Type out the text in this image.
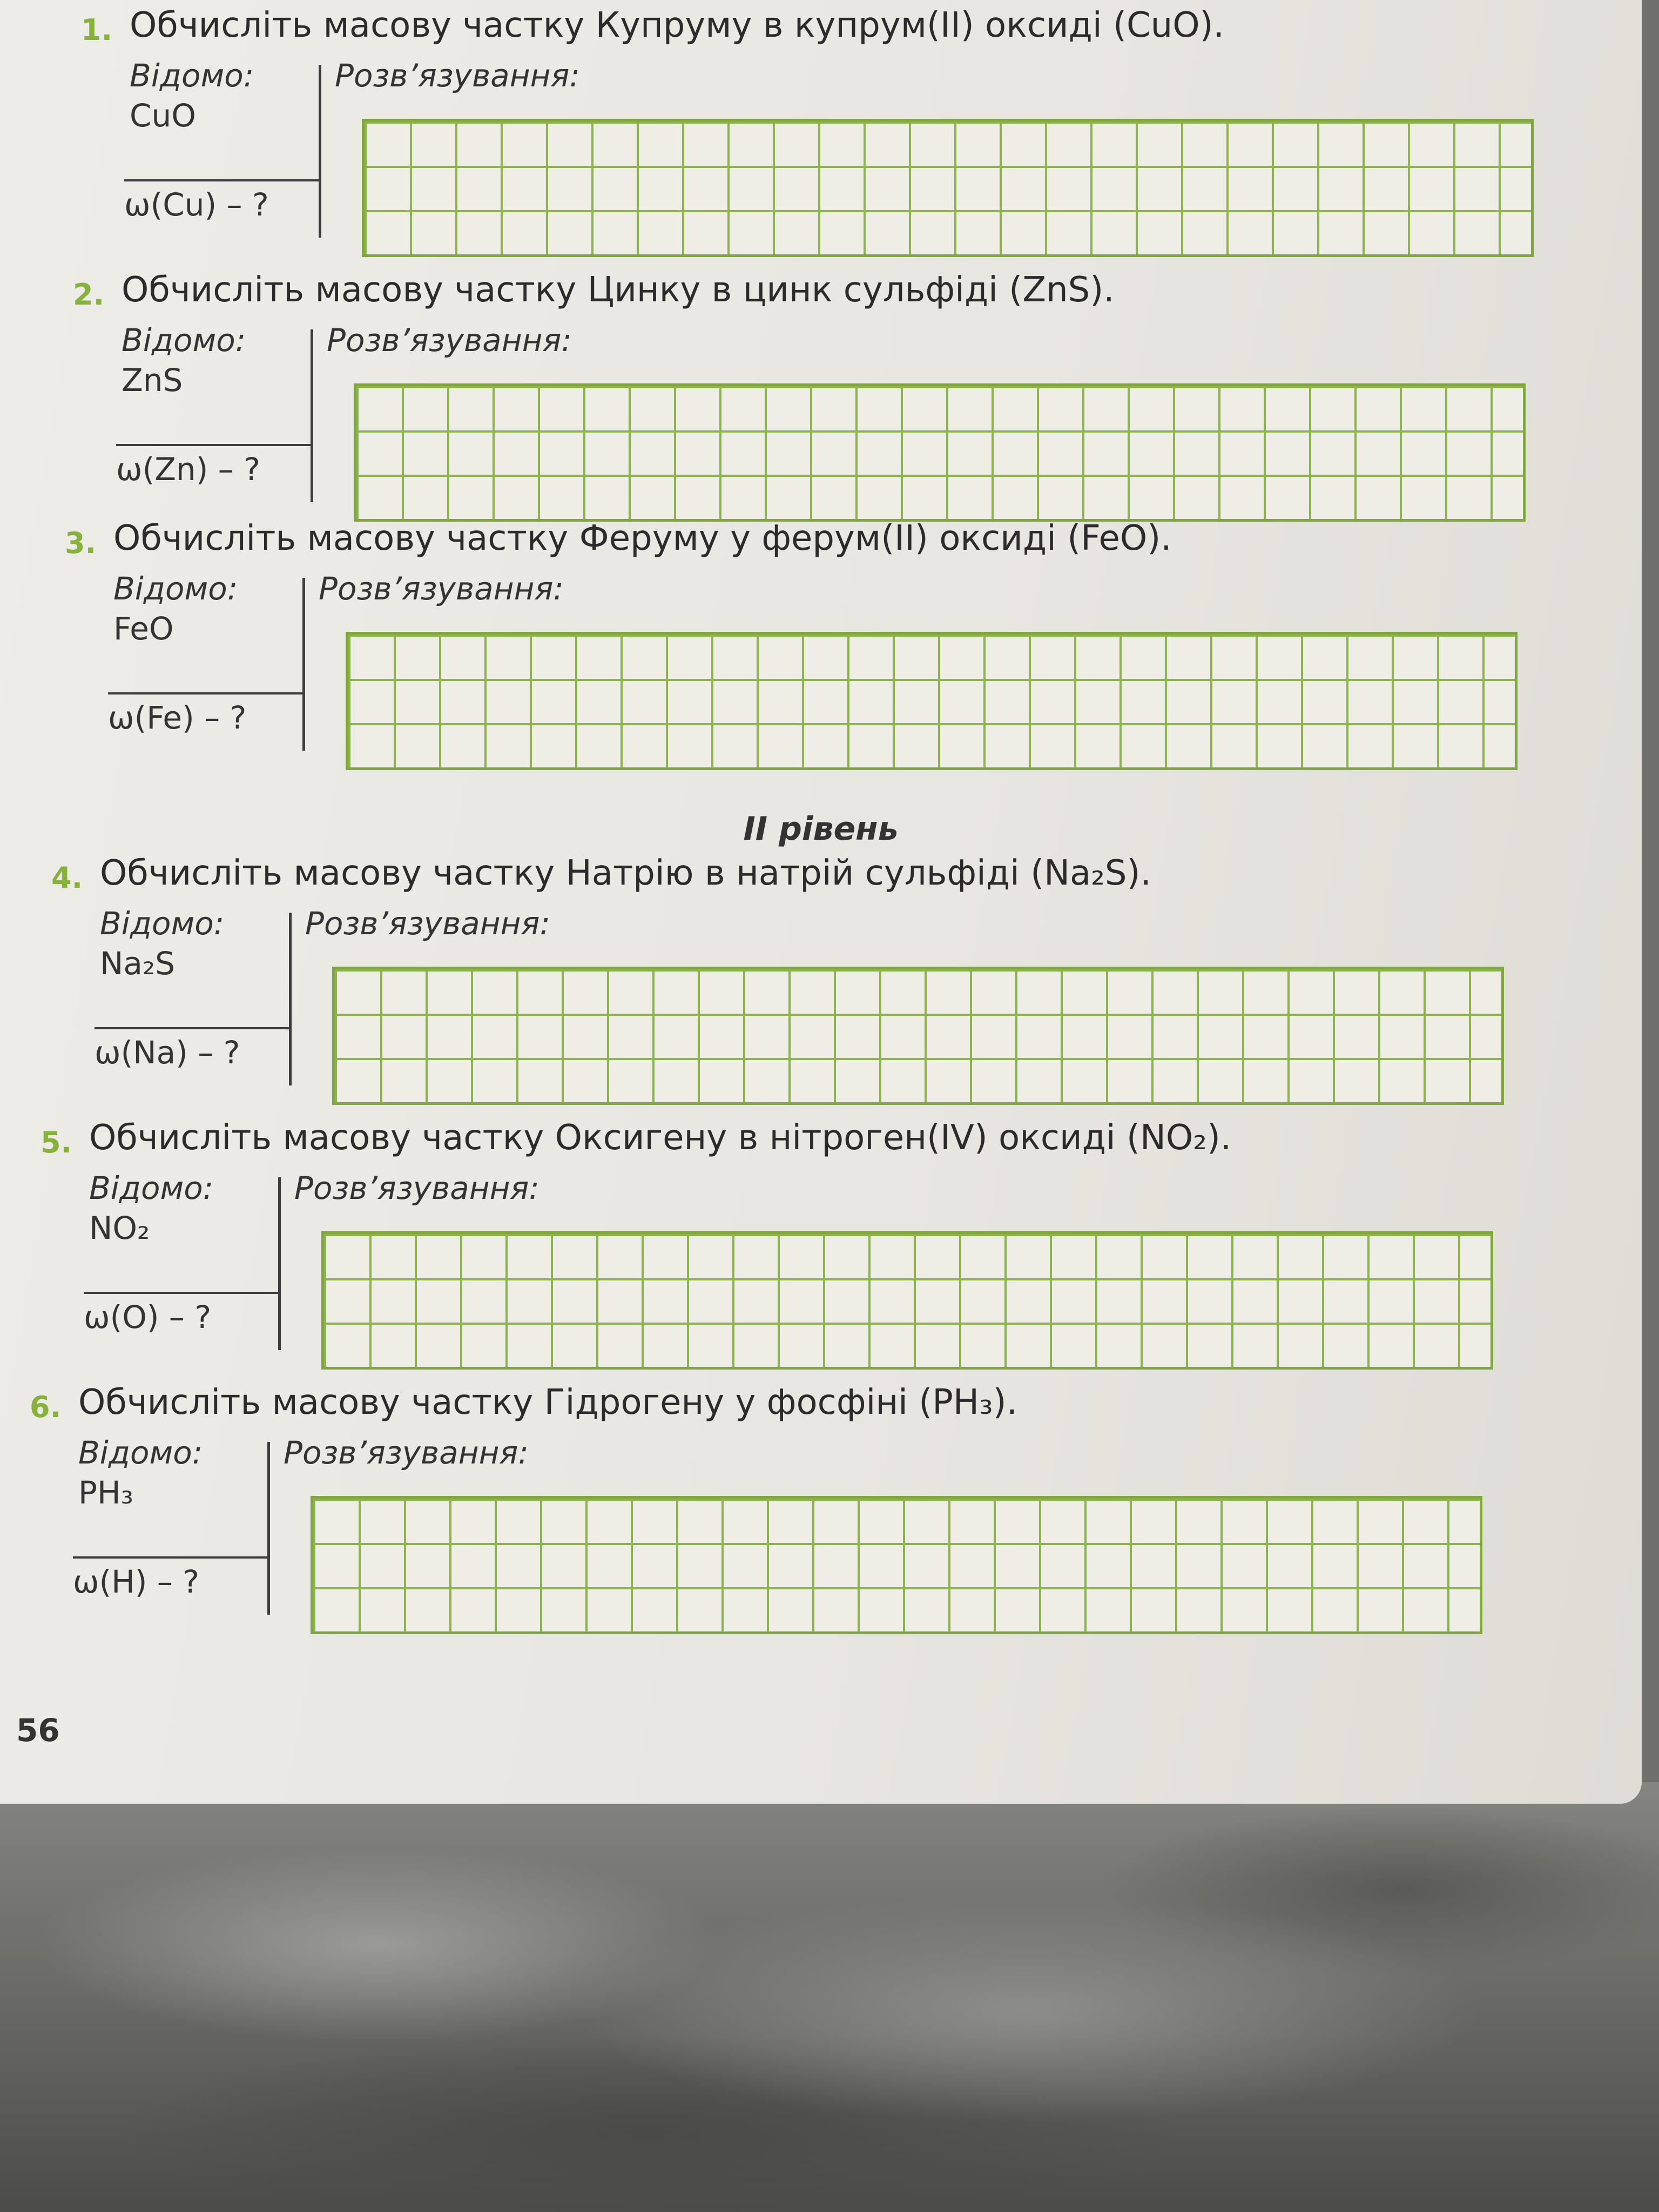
1. Обчисліть масову частку Купруму в купрум(II) оксиді (CuO).
Відомо:	Розв’язування:
CuO
ω(Cu) – ?
2. Обчисліть масову частку Цинку в цинк сульфіді (ZnS).
Відомо:	Розв’язування:
ZnS
ω(Zn) – ?
3. Обчисліть масову частку Феруму у ферум(II) оксиді (FeO).
Відомо:	Розв’язування:
FeO
ω(Fe) – ?
II рівень
4. Обчисліть масову частку Натрію в натрій сульфіді (Na₂S).
Відомо:	Розв’язування:
Na₂S
ω(Na) – ?
5. Обчисліть масову частку Оксигену в нітроген(IV) оксиді (NO₂).
Відомо:	Розв’язування:
NO₂
ω(O) – ?
6. Обчисліть масову частку Гідрогену у фосфіні (PH₃).
Відомо:	Розв’язування:
PH₃
ω(H) – ?
56
